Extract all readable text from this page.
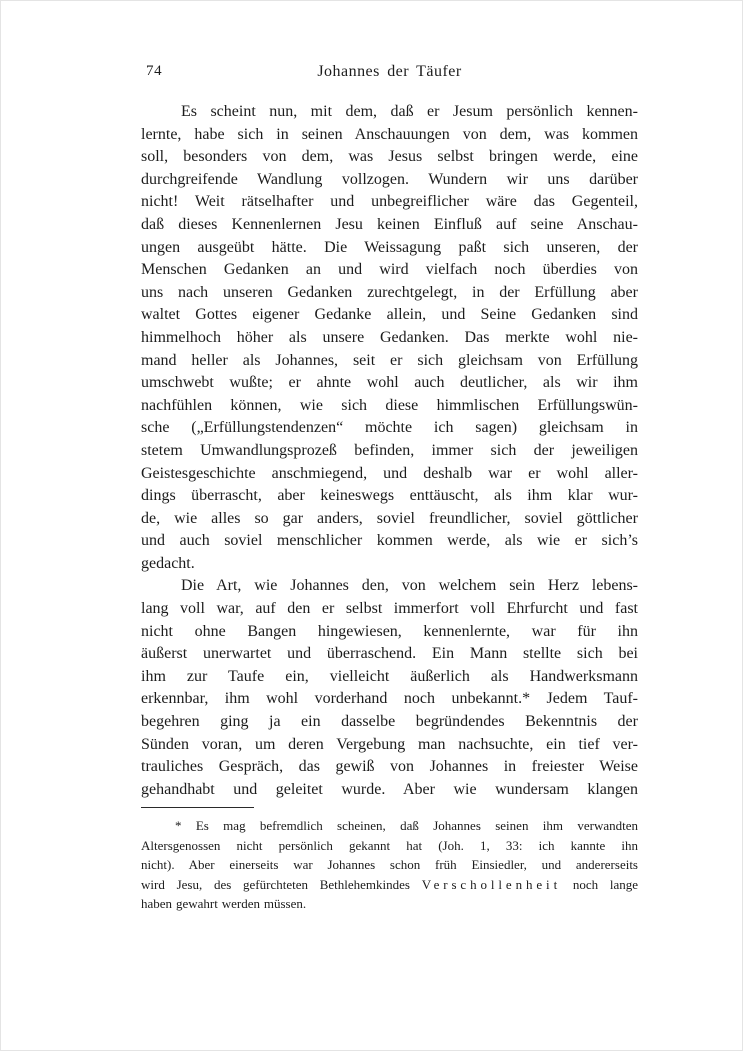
74	Johannes der Täufer
Es scheint nun, mit dem, daß er Jesum persönlich kennen-
lernte, habe sich in seinen Anschauungen von dem, was kommen
soll, besonders von dem, was Jesus selbst bringen werde, eine
durchgreifende Wandlung vollzogen. Wundern wir uns darüber
nicht! Weit rätselhafter und unbegreiflicher wäre das Gegenteil,
daß dieses Kennenlernen Jesu keinen Einfluß auf seine Anschau-
ungen ausgeübt hätte. Die Weissagung paßt sich unseren, der
Menschen Gedanken an und wird vielfach noch überdies von
uns nach unseren Gedanken zurechtgelegt, in der Erfüllung aber
waltet Gottes eigener Gedanke allein, und Seine Gedanken sind
himmelhoch höher als unsere Gedanken. Das merkte wohl nie-
mand heller als Johannes, seit er sich gleichsam von Erfüllung
umschwebt wußte; er ahnte wohl auch deutlicher, als wir ihm
nachfühlen können, wie sich diese himmlischen Erfüllungswün-
sche („Erfüllungstendenzen“ möchte ich sagen) gleichsam in
stetem Umwandlungsprozeß befinden, immer sich der jeweiligen
Geistesgeschichte anschmiegend, und deshalb war er wohl aller-
dings überrascht, aber keineswegs enttäuscht, als ihm klar wur-
de, wie alles so gar anders, soviel freundlicher, soviel göttlicher
und auch soviel menschlicher kommen werde, als wie er sich’s
gedacht.
Die Art, wie Johannes den, von welchem sein Herz lebens-
lang voll war, auf den er selbst immerfort voll Ehrfurcht und fast
nicht ohne Bangen hingewiesen, kennenlernte, war für ihn
äußerst unerwartet und überraschend. Ein Mann stellte sich bei
ihm zur Taufe ein, vielleicht äußerlich als Handwerksmann
erkennbar, ihm wohl vorderhand noch unbekannt.* Jedem Tauf-
begehren ging ja ein dasselbe begründendes Bekenntnis der
Sünden voran, um deren Vergebung man nachsuchte, ein tief ver-
trauliches Gespräch, das gewiß von Johannes in freiester Weise
gehandhabt und geleitet wurde. Aber wie wundersam klangen
* Es mag befremdlich scheinen, daß Johannes seinen ihm verwandten
Altersgenossen nicht persönlich gekannt hat (Joh. 1, 33: ich kannte ihn
nicht). Aber einerseits war Johannes schon früh Einsiedler, und andererseits
wird Jesu, des gefürchteten Bethlehemkindes Verschollenheit noch lange
haben gewahrt werden müssen.
